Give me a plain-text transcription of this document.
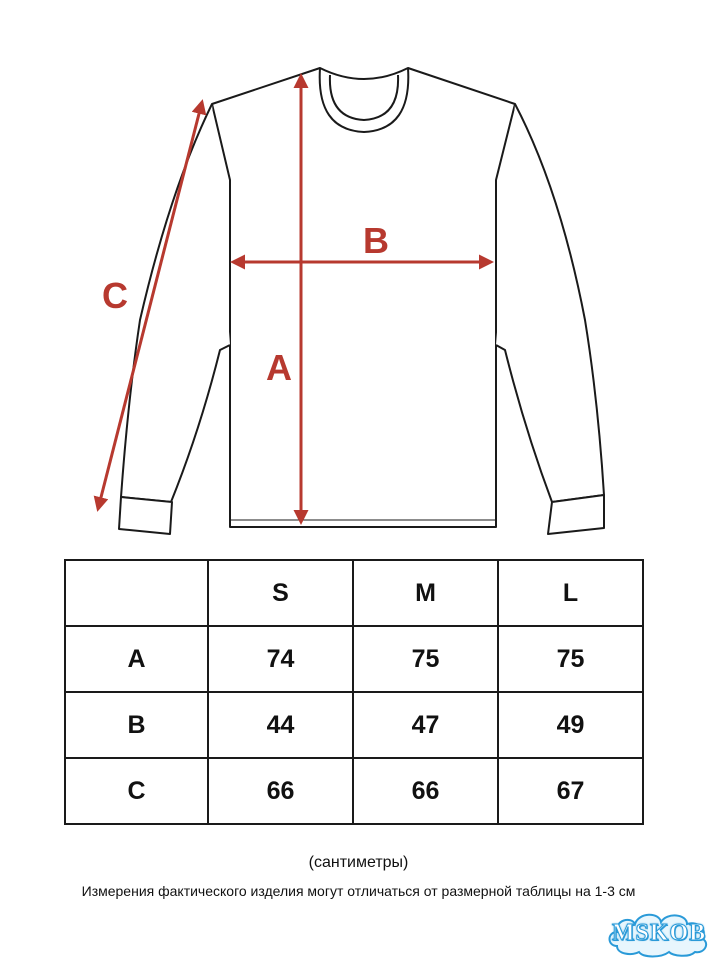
A
B
C
	S	M	L
A	74	75	75
B	44	47	49
C	66	66	67
(сантиметры)
Измерения фактического изделия могут отличаться от размерной таблицы на 1-3 см
MSKOB
